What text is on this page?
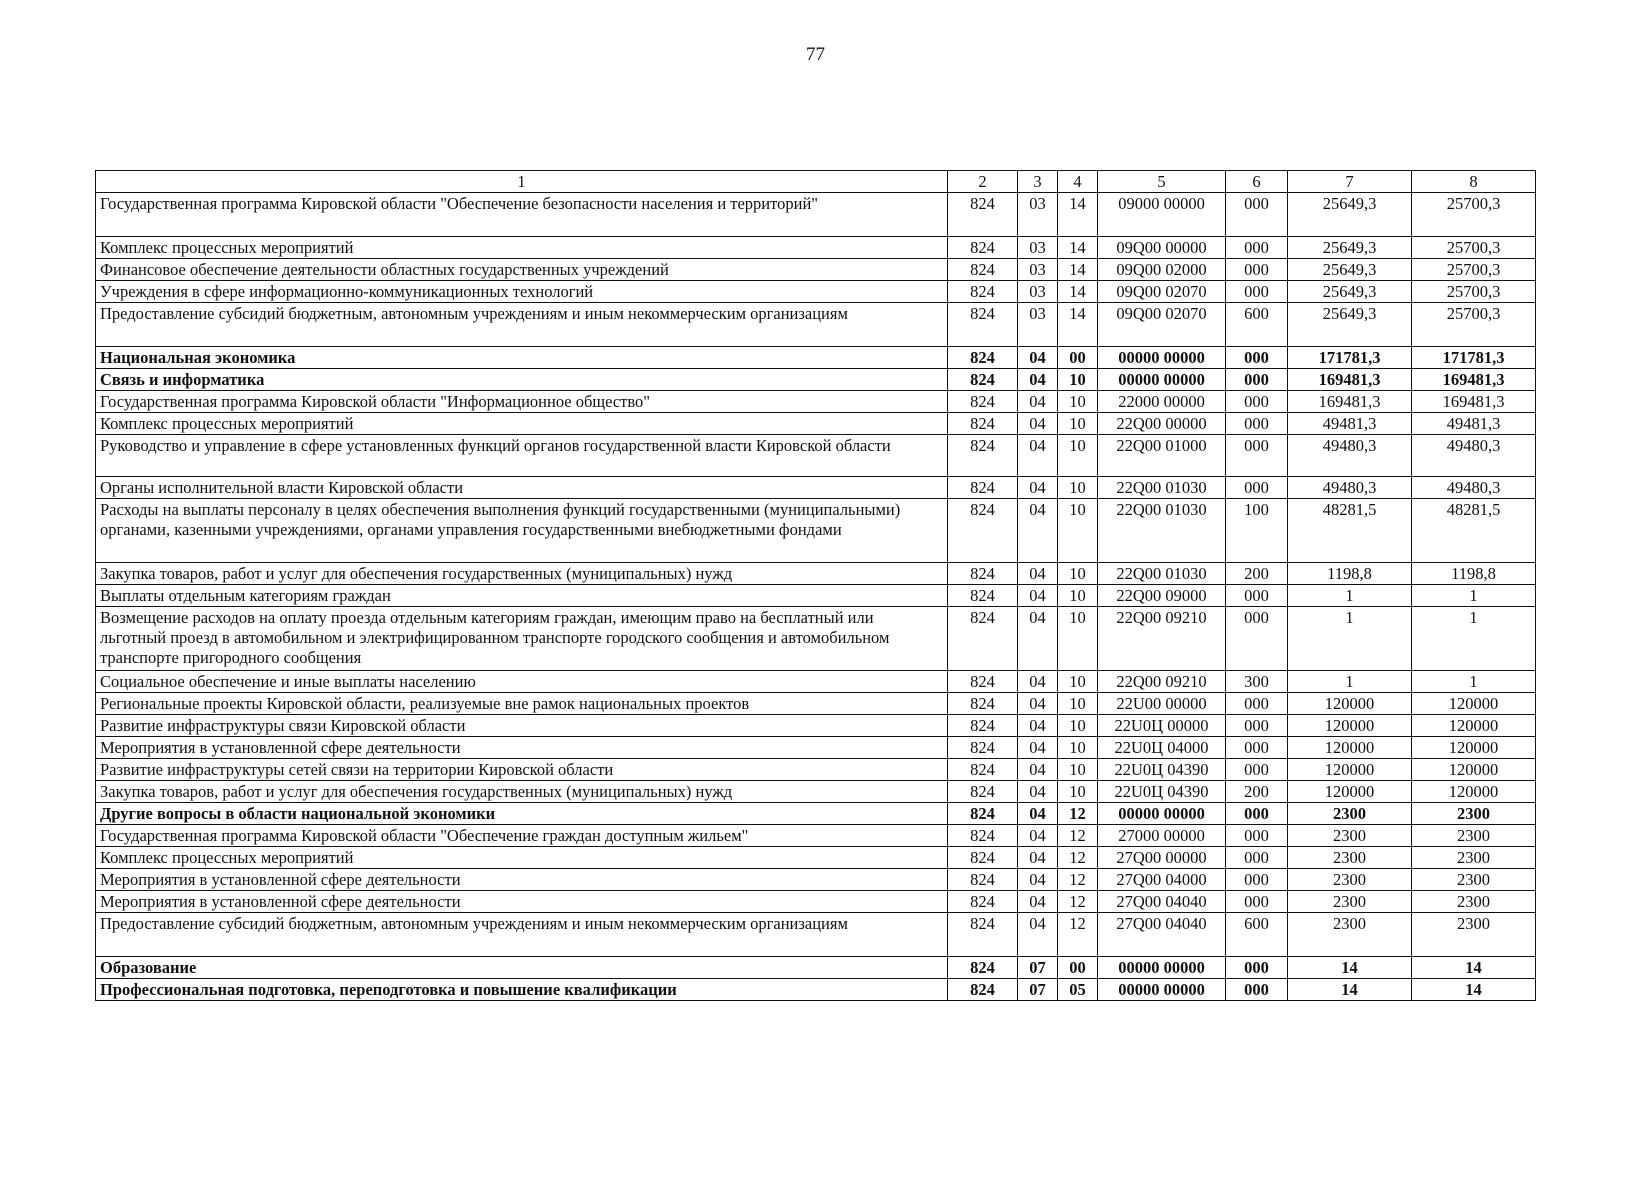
77
1	2	3	4	5	6	7	8
Государственная программа Кировской области "Обеспечение безопасности населения и территорий"	824	03	14	09000 00000	000	25649,3	25700,3
Комплекс процессных мероприятий	824	03	14	09Q00 00000	000	25649,3	25700,3
Финансовое обеспечение деятельности областных государственных учреждений	824	03	14	09Q00 02000	000	25649,3	25700,3
Учреждения в сфере информационно-коммуникационных технологий	824	03	14	09Q00 02070	000	25649,3	25700,3
Предоставление субсидий бюджетным, автономным учреждениям и иным некоммерческим организациям	824	03	14	09Q00 02070	600	25649,3	25700,3
Национальная экономика	824	04	00	00000 00000	000	171781,3	171781,3
Связь и информатика	824	04	10	00000 00000	000	169481,3	169481,3
Государственная программа Кировской области "Информационное общество"	824	04	10	22000 00000	000	169481,3	169481,3
Комплекс процессных мероприятий	824	04	10	22Q00 00000	000	49481,3	49481,3
Руководство и управление в сфере установленных функций органов государственной власти Кировской области	824	04	10	22Q00 01000	000	49480,3	49480,3
Органы исполнительной власти Кировской области	824	04	10	22Q00 01030	000	49480,3	49480,3
Расходы на выплаты персоналу в целях обеспечения выполнения функций государственными (муниципальными) органами, казенными учреждениями, органами управления государственными внебюджетными фондами	824	04	10	22Q00 01030	100	48281,5	48281,5
Закупка товаров, работ и услуг для обеспечения государственных (муниципальных) нужд	824	04	10	22Q00 01030	200	1198,8	1198,8
Выплаты отдельным категориям граждан	824	04	10	22Q00 09000	000	1	1
Возмещение расходов на оплату проезда отдельным категориям граждан, имеющим право на бесплатный или льготный проезд в автомобильном и электрифицированном транспорте городского сообщения и автомобильном транспорте пригородного сообщения	824	04	10	22Q00 09210	000	1	1
Социальное обеспечение и иные выплаты населению	824	04	10	22Q00 09210	300	1	1
Региональные проекты Кировской области, реализуемые вне рамок национальных проектов	824	04	10	22U00 00000	000	120000	120000
Развитие инфраструктуры связи Кировской области	824	04	10	22U0Ц 00000	000	120000	120000
Мероприятия в установленной сфере деятельности	824	04	10	22U0Ц 04000	000	120000	120000
Развитие инфраструктуры сетей связи на территории Кировской области	824	04	10	22U0Ц 04390	000	120000	120000
Закупка товаров, работ и услуг для обеспечения государственных (муниципальных) нужд	824	04	10	22U0Ц 04390	200	120000	120000
Другие вопросы в области национальной экономики	824	04	12	00000 00000	000	2300	2300
Государственная программа Кировской области "Обеспечение граждан доступным жильем"	824	04	12	27000 00000	000	2300	2300
Комплекс процессных мероприятий	824	04	12	27Q00 00000	000	2300	2300
Мероприятия в установленной сфере деятельности	824	04	12	27Q00 04000	000	2300	2300
Мероприятия в установленной сфере деятельности	824	04	12	27Q00 04040	000	2300	2300
Предоставление субсидий бюджетным, автономным учреждениям и иным некоммерческим организациям	824	04	12	27Q00 04040	600	2300	2300
Образование	824	07	00	00000 00000	000	14	14
Профессиональная подготовка, переподготовка и повышение квалификации	824	07	05	00000 00000	000	14	14
